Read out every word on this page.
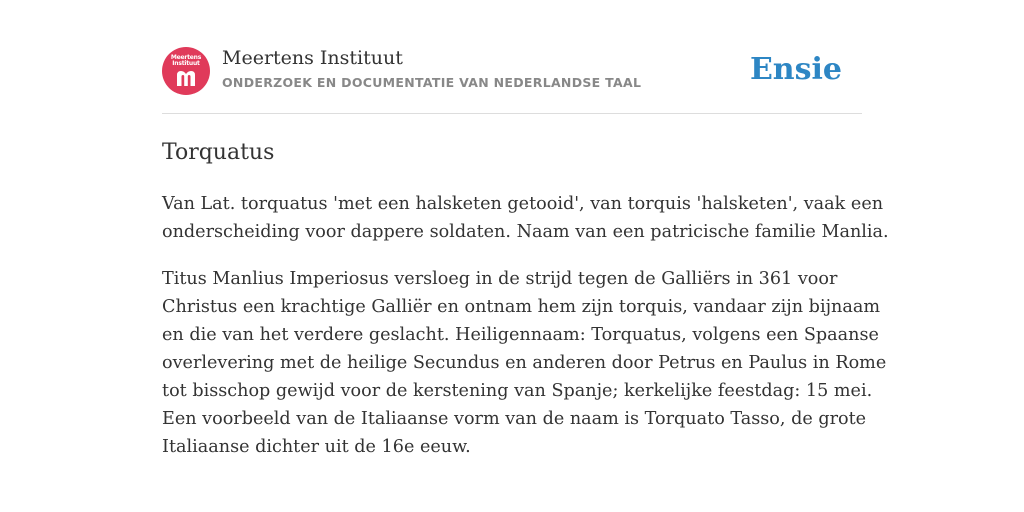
Meertens
Instituut	Meertens Instituut
ONDERZOEK EN DOCUMENTATIE VAN NEDERLANDSE TAAL	Ensie
Torquatus

Van Lat. torquatus 'met een halsketen getooid', van torquis 'halsketen', vaak een
onderscheiding voor dappere soldaten. Naam van een patricische familie Manlia.

Titus Manlius Imperiosus versloeg in de strijd tegen de Galliërs in 361 voor
Christus een krachtige Galliër en ontnam hem zijn torquis, vandaar zijn bijnaam
en die van het verdere geslacht. Heiligennaam: Torquatus, volgens een Spaanse
overlevering met de heilige Secundus en anderen door Petrus en Paulus in Rome
tot bisschop gewijd voor de kerstening van Spanje; kerkelijke feestdag: 15 mei.
Een voorbeeld van de Italiaanse vorm van de naam is Torquato Tasso, de grote
Italiaanse dichter uit de 16e eeuw.
